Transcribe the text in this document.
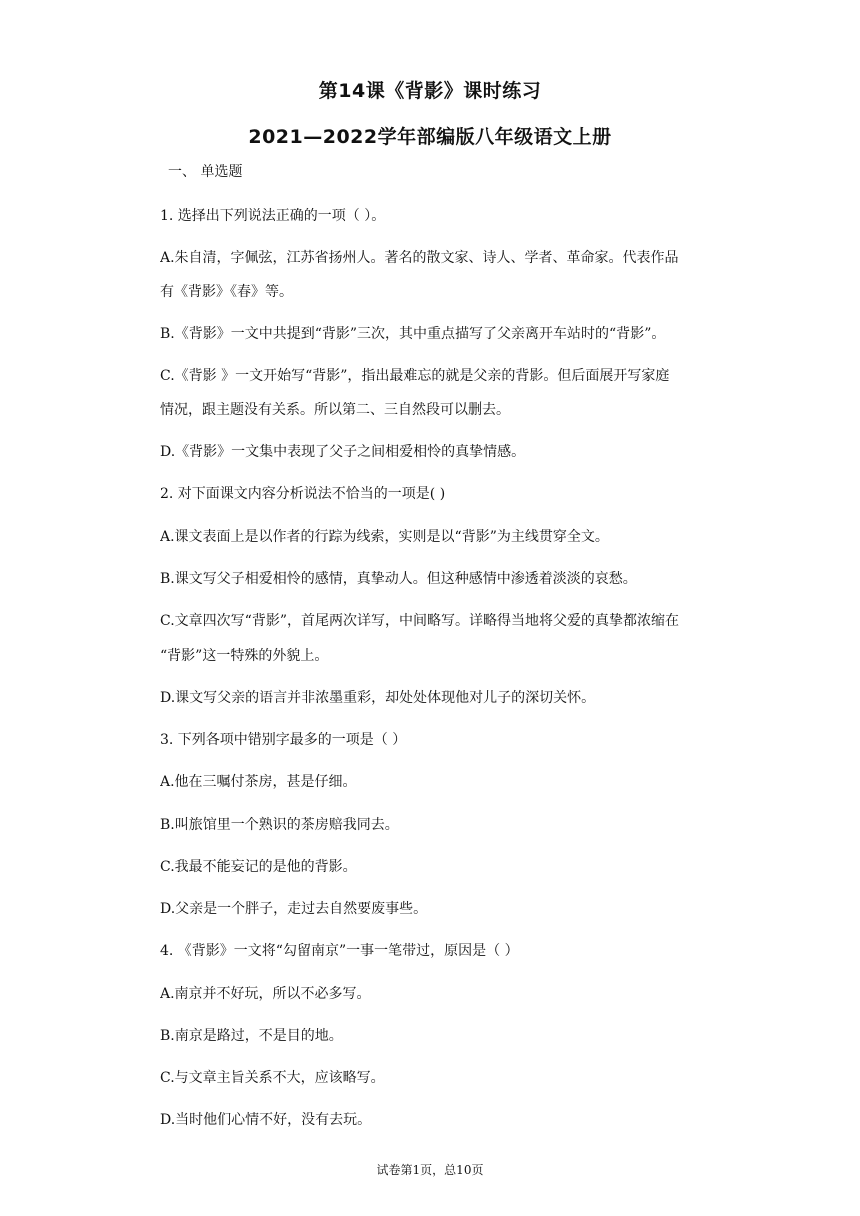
第14课《背影》课时练习
2021—2022学年部编版八年级语文上册
一、 单选题
1. 选择出下列说法正确的一项（ ）。
A.朱自清，字佩弦，江苏省扬州人。著名的散文家、诗人、学者、革命家。代表作品
有《背影》《春》等。
B.《背影》一文中共提到“背影”三次，其中重点描写了父亲离开车站时的“背影”。
C.《背影 》一文开始写“背影”，指出最难忘的就是父亲的背影。但后面展开写家庭
情况，跟主题没有关系。所以第二、三自然段可以删去。
D.《背影》一文集中表现了父子之间相爱相怜的真挚情感。
2. 对下面课文内容分析说法不恰当的一项是( )
A.课文表面上是以作者的行踪为线索，实则是以“背影”为主线贯穿全文。
B.课文写父子相爱相怜的感情，真挚动人。但这种感情中渗透着淡淡的哀愁。
C.文章四次写“背影”，首尾两次详写，中间略写。详略得当地将父爱的真挚都浓缩在
“背影”这一特殊的外貌上。
D.课文写父亲的语言并非浓墨重彩，却处处体现他对儿子的深切关怀。
3. 下列各项中错别字最多的一项是（ ）
A.他在三嘱付茶房，甚是仔细。
B.叫旅馆里一个熟识的茶房赔我同去。
C.我最不能妄记的是他的背影。
D.父亲是一个胖子，走过去自然要废事些。
4. 《背影》一文将“勾留南京”一事一笔带过，原因是（ ）
A.南京并不好玩，所以不必多写。
B.南京是路过，不是目的地。
C.与文章主旨关系不大，应该略写。
D.当时他们心情不好，没有去玩。
试卷第1页，总10页
